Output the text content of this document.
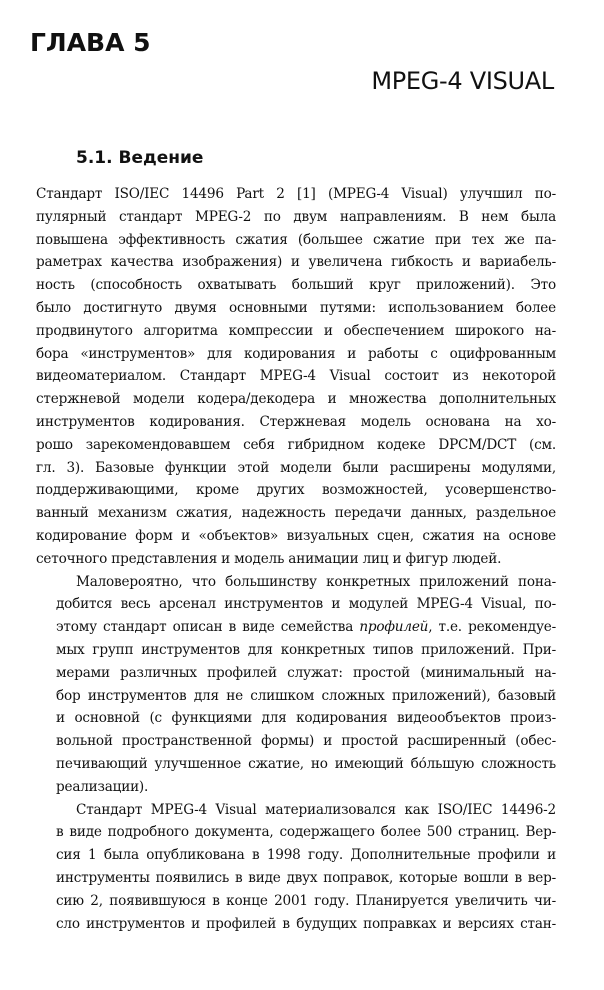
ГЛАВА 5
MPEG-4 VISUAL
5.1. Ведение
Стандарт ISO/IEC 14496 Part 2 [1] (MPEG-4 Visual) улучшил по-
пулярный стандарт MPEG-2 по двум направлениям. В нем была
повышена эффективность сжатия (большее сжатие при тех же па-
раметрах качества изображения) и увеличена гибкость и вариабель-
ность (способность охватывать больший круг приложений). Это
было достигнуто двумя основными путями: использованием более
продвинутого алгоритма компрессии и обеспечением широкого на-
бора «инструментов» для кодирования и работы с оцифрованным
видеоматериалом. Стандарт MPEG-4 Visual состоит из некоторой
стержневой модели кодера/декодера и множества дополнительных
инструментов кодирования. Стержневая модель основана на хо-
рошо зарекомендовавшем себя гибридном кодеке DPCM/DCT (см.
гл. 3). Базовые функции этой модели были расширены модулями,
поддерживающими, кроме других возможностей, усовершенство-
ванный механизм сжатия, надежность передачи данных, раздельное
кодирование форм и «объектов» визуальных сцен, сжатия на основе
сеточного представления и модель анимации лиц и фигур людей.
Маловероятно, что большинству конкретных приложений пона-
добится весь арсенал инструментов и модулей MPEG-4 Visual, по-
этому стандарт описан в виде семейства профилей, т.е. рекомендуе-
мых групп инструментов для конкретных типов приложений. При-
мерами различных профилей служат: простой (минимальный на-
бор инструментов для не слишком сложных приложений), базовый
и основной (с функциями для кодирования видеообъектов произ-
вольной пространственной формы) и простой расширенный (обес-
печивающий улучшенное сжатие, но имеющий бо́льшую сложность
реализации).
Стандарт MPEG-4 Visual материализовался как ISO/IEC 14496-2
в виде подробного документа, содержащего более 500 страниц. Вер-
сия 1 была опубликована в 1998 году. Дополнительные профили и
инструменты появились в виде двух поправок, которые вошли в вер-
сию 2, появившуюся в конце 2001 году. Планируется увеличить чи-
сло инструментов и профилей в будущих поправках и версиях стан-
